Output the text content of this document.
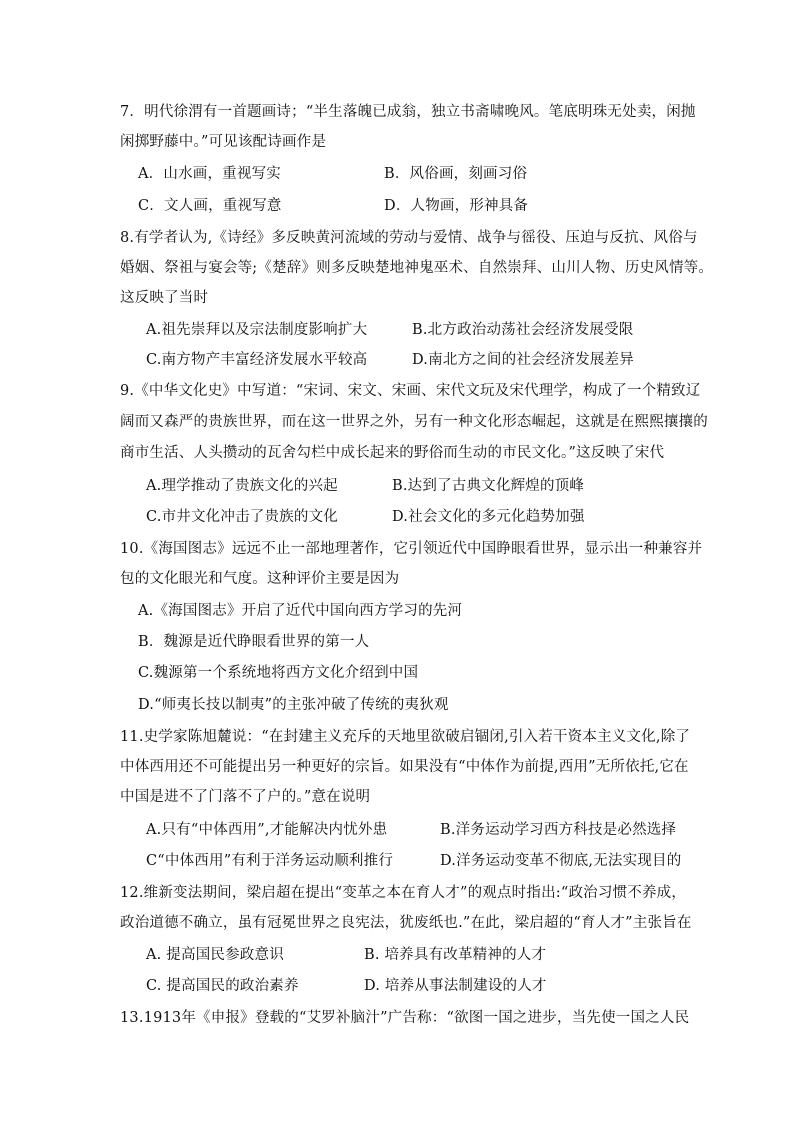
7．明代徐渭有一首题画诗；“半生落魄已成翁，独立书斋啸晚风。笔底明珠无处卖，闲抛
闲掷野藤中。”可见该配诗画作是
A．山水画，重视写实	B．风俗画，刻画习俗
C．文人画，重视写意	D．人物画，形神具备
8.有学者认为,《诗经》多反映黄河流域的劳动与爱情、战争与徭役、压迫与反抗、风俗与
婚姻、祭祖与宴会等;《楚辞》则多反映楚地神鬼巫术、自然崇拜、山川人物、历史风情等。
这反映了当时
A.祖先崇拜以及宗法制度影响扩大	B.北方政治动荡社会经济发展受限
C.南方物产丰富经济发展水平较高	D.南北方之间的社会经济发展差异
9.《中华文化史》中写道：“宋词、宋文、宋画、宋代文玩及宋代理学，构成了一个精致辽
阔而又森严的贵族世界，而在这一世界之外，另有一种文化形态崛起，这就是在熙熙攘攘的
商市生活、人头攒动的瓦舍勾栏中成长起来的野俗而生动的市民文化。”这反映了宋代
A.理学推动了贵族文化的兴起	B.达到了古典文化辉煌的顶峰
C.市井文化冲击了贵族的文化	D.社会文化的多元化趋势加强
10.《海国图志》远远不止一部地理著作，它引领近代中国睁眼看世界，显示出一种兼容并
包的文化眼光和气度。这种评价主要是因为
A.《海国图志》开启了近代中国向西方学习的先河
B．魏源是近代睁眼看世界的第一人
C.魏源第一个系统地将西方文化介绍到中国
D.“师夷长技以制夷”的主张冲破了传统的夷狄观
11.史学家陈旭麓说：“在封建主义充斥的天地里欲破启锢闭,引入若干资本主义文化,除了
中体西用还不可能提出另一种更好的宗旨。如果没有“中体作为前提,西用”无所依托,它在
中国是进不了门落不了户的。”意在说明
A.只有“中体西用”,才能解决内忧外患	B.洋务运动学习西方科技是必然选择
C“中体西用”有利于洋务运动顺利推行	D.洋务运动变革不彻底,无法实现目的
12.维新变法期间，梁启超在提出“变革之本在育人才”的观点时指出:“政治习惯不养成，
政治道德不确立，虽有冠冕世界之良宪法，犹废纸也.”在此，梁启超的“育人才”主张旨在
A. 提高国民参政意识	B. 培养具有改革精神的人才
C. 提高国民的政治素养	D. 培养从事法制建设的人才
13.1913年《申报》登载的“艾罗补脑汁”广告称：“欲图一国之进步，当先使一国之人民
